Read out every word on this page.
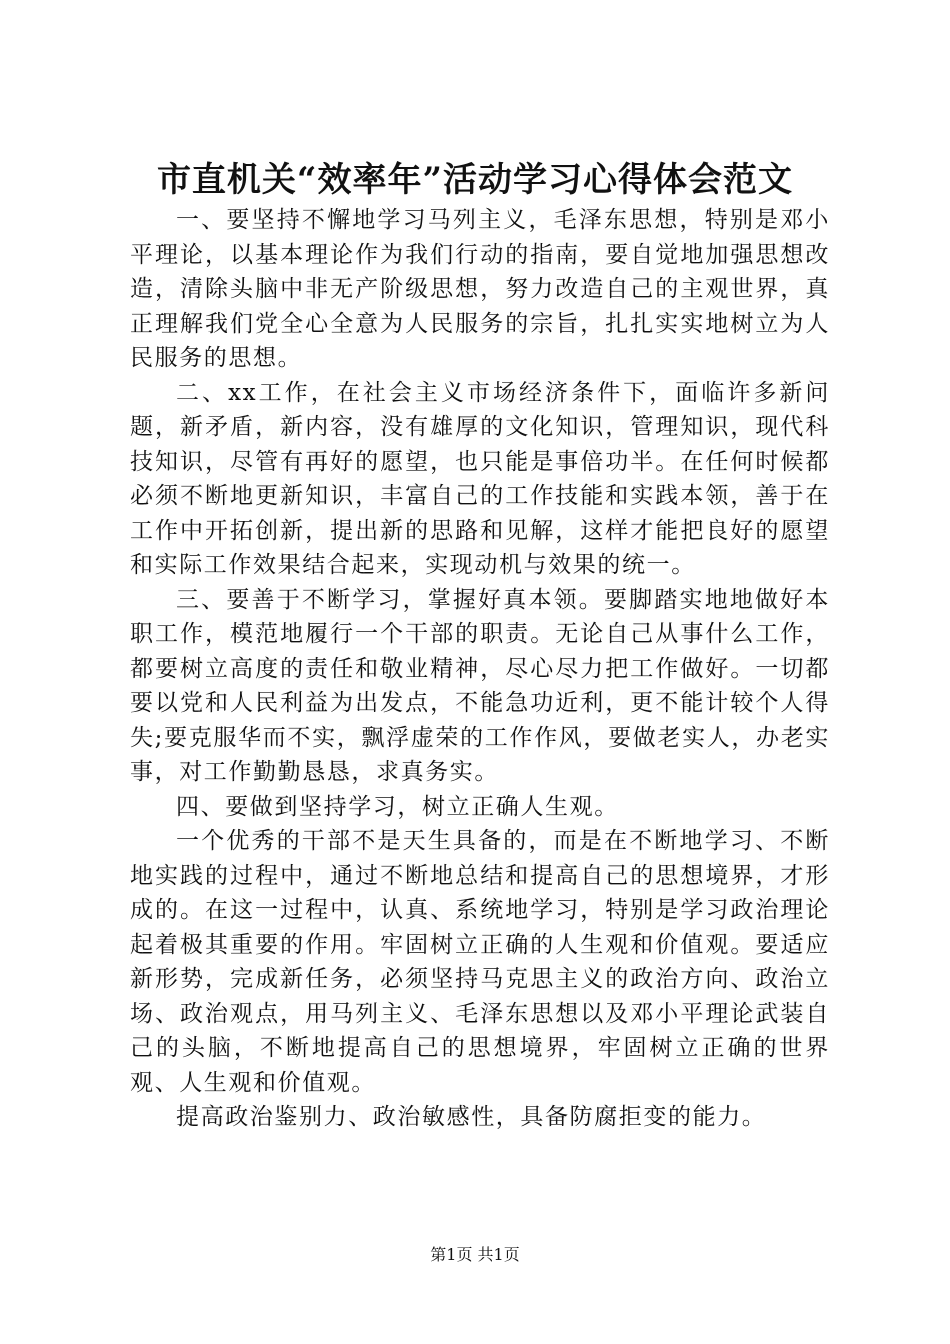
市直机关“效率年”活动学习心得体会范文

一、要坚持不懈地学习马列主义，毛泽东思想，特别是邓小平理论，以基本理论作为我们行动的指南，要自觉地加强思想改造，清除头脑中非无产阶级思想，努力改造自己的主观世界，真正理解我们党全心全意为人民服务的宗旨，扎扎实实地树立为人民服务的思想。

二、xx工作，在社会主义市场经济条件下，面临许多新问题，新矛盾，新内容，没有雄厚的文化知识，管理知识，现代科技知识，尽管有再好的愿望，也只能是事倍功半。在任何时候都必须不断地更新知识，丰富自己的工作技能和实践本领，善于在工作中开拓创新，提出新的思路和见解，这样才能把良好的愿望和实际工作效果结合起来，实现动机与效果的统一。

三、要善于不断学习，掌握好真本领。要脚踏实地地做好本职工作，模范地履行一个干部的职责。无论自己从事什么工作，都要树立高度的责任和敬业精神，尽心尽力把工作做好。一切都要以党和人民利益为出发点，不能急功近利，更不能计较个人得失;要克服华而不实，飘浮虚荣的工作作风，要做老实人，办老实事，对工作勤勤恳恳，求真务实。

四、要做到坚持学习，树立正确人生观。

一个优秀的干部不是天生具备的，而是在不断地学习、不断地实践的过程中，通过不断地总结和提高自己的思想境界，才形成的。在这一过程中，认真、系统地学习，特别是学习政治理论起着极其重要的作用。牢固树立正确的人生观和价值观。要适应新形势，完成新任务，必须坚持马克思主义的政治方向、政治立场、政治观点，用马列主义、毛泽东思想以及邓小平理论武装自己的头脑，不断地提高自己的思想境界，牢固树立正确的世界观、人生观和价值观。

提高政治鉴别力、政治敏感性，具备防腐拒变的能力。

第1页 共1页
